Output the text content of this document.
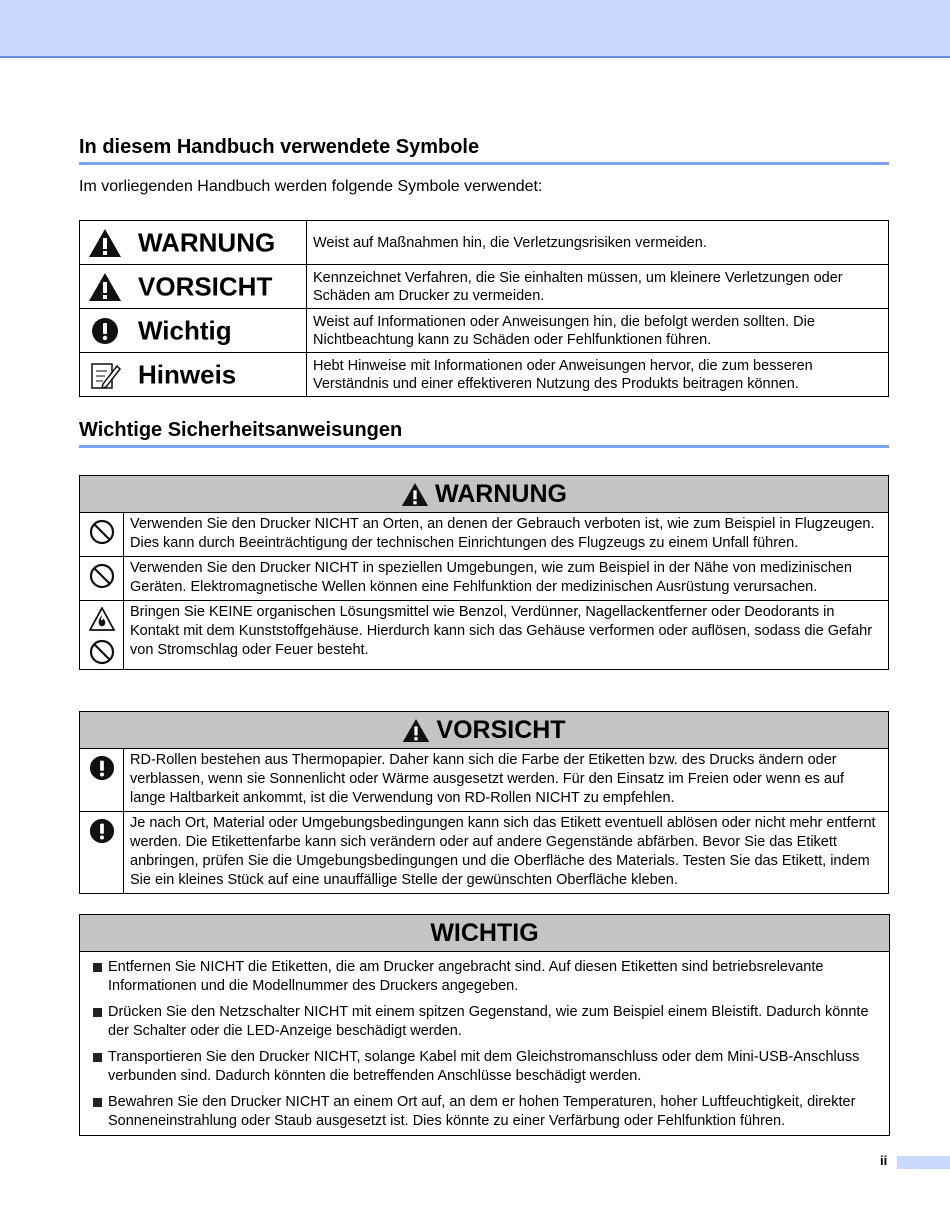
In diesem Handbuch verwendete Symbole
Im vorliegenden Handbuch werden folgende Symbole verwendet:
WARNUNG	Weist auf Maßnahmen hin, die Verletzungsrisiken vermeiden.

VORSICHT	Kennzeichnet Verfahren, die Sie einhalten müssen, um kleinere Verletzungen oder Schäden am Drucker zu vermeiden.

Wichtig	Weist auf Informationen oder Anweisungen hin, die befolgt werden sollten. Die Nichtbeachtung kann zu Schäden oder Fehlfunktionen führen.

Hinweis	Hebt Hinweise mit Informationen oder Anweisungen hervor, die zum besseren Verständnis und einer effektiveren Nutzung des Produkts beitragen können.
Wichtige Sicherheitsanweisungen
WARNUNG
Verwenden Sie den Drucker NICHT an Orten, an denen der Gebrauch verboten ist, wie zum Beispiel in Flugzeugen. Dies kann durch Beeinträchtigung der technischen Einrichtungen des Flugzeugs zu einem Unfall führen.
Verwenden Sie den Drucker NICHT in speziellen Umgebungen, wie zum Beispiel in der Nähe von medizinischen Geräten. Elektromagnetische Wellen können eine Fehlfunktion der medizinischen Ausrüstung verursachen.
Bringen Sie KEINE organischen Lösungsmittel wie Benzol, Verdünner, Nagellackentferner oder Deodorants in Kontakt mit dem Kunststoffgehäuse. Hierdurch kann sich das Gehäuse verformen oder auflösen, sodass die Gefahr von Stromschlag oder Feuer besteht.
VORSICHT
RD-Rollen bestehen aus Thermopapier. Daher kann sich die Farbe der Etiketten bzw. des Drucks ändern oder verblassen, wenn sie Sonnenlicht oder Wärme ausgesetzt werden. Für den Einsatz im Freien oder wenn es auf lange Haltbarkeit ankommt, ist die Verwendung von RD-Rollen NICHT zu empfehlen.
Je nach Ort, Material oder Umgebungsbedingungen kann sich das Etikett eventuell ablösen oder nicht mehr entfernt werden. Die Etikettenfarbe kann sich verändern oder auf andere Gegenstände abfärben. Bevor Sie das Etikett anbringen, prüfen Sie die Umgebungsbedingungen und die Oberfläche des Materials. Testen Sie das Etikett, indem Sie ein kleines Stück auf eine unauffällige Stelle der gewünschten Oberfläche kleben.
WICHTIG
Entfernen Sie NICHT die Etiketten, die am Drucker angebracht sind. Auf diesen Etiketten sind betriebsrelevante Informationen und die Modellnummer des Druckers angegeben.
Drücken Sie den Netzschalter NICHT mit einem spitzen Gegenstand, wie zum Beispiel einem Bleistift. Dadurch könnte der Schalter oder die LED-Anzeige beschädigt werden.
Transportieren Sie den Drucker NICHT, solange Kabel mit dem Gleichstromanschluss oder dem Mini-USB-Anschluss verbunden sind. Dadurch könnten die betreffenden Anschlüsse beschädigt werden.
Bewahren Sie den Drucker NICHT an einem Ort auf, an dem er hohen Temperaturen, hoher Luftfeuchtigkeit, direkter Sonneneinstrahlung oder Staub ausgesetzt ist. Dies könnte zu einer Verfärbung oder Fehlfunktion führen.
ii
